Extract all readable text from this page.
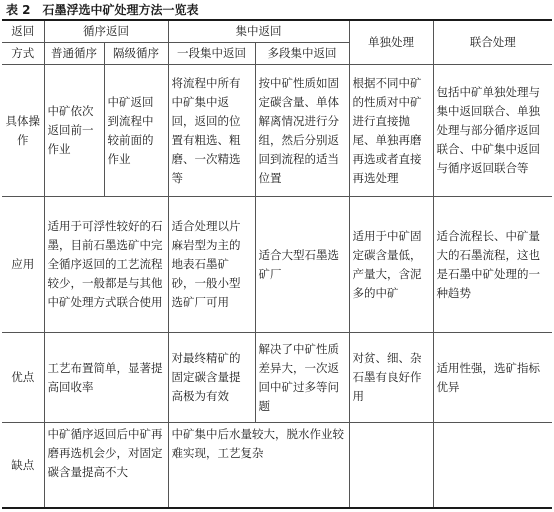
表 2 石墨浮选中矿处理方法一览表
返回	循序返回		集中返回		单独处理	联合处理
方式	普通循序	隔级循序	一段集中返回	多段集中返回		
具体操作	中矿依次返回前一作业	中矿返回到流程中较前面的作业	将流程中所有中矿集中返回，返回的位置有粗选、粗磨、一次精选等	按中矿性质如固定碳含量、单体解离情况进行分组，然后分别返回到流程的适当位置	根据不同中矿的性质对中矿进行直接抛尾、单独再磨再选或者直接再选处理	包括中矿单独处理与集中返回联合、单独处理与部分循序返回联合、中矿集中返回与循序返回联合等
应用	适用于可浮性较好的石墨，目前石墨选矿中完全循序返回的工艺流程较少，一般都是与其他中矿处理方式联合使用		适合处理以片麻岩型为主的地表石墨矿砂，一般小型选矿厂可用	适合大型石墨选矿厂	适用于中矿固定碳含量低，产量大，含泥多的中矿	适合流程长、中矿量大的石墨流程，这也是石墨中矿处理的一种趋势
优点	工艺布置简单，显著提高回收率		对最终精矿的固定碳含量提高极为有效	解决了中矿性质差异大，一次返回中矿过多等问题	对贫、细、杂石墨有良好作用	适用性强，选矿指标优异
缺点	中矿循序返回后中矿再磨再选机会少，对固定碳含量提高不大		中矿集中后水量较大，脱水作业较难实现，工艺复杂			
